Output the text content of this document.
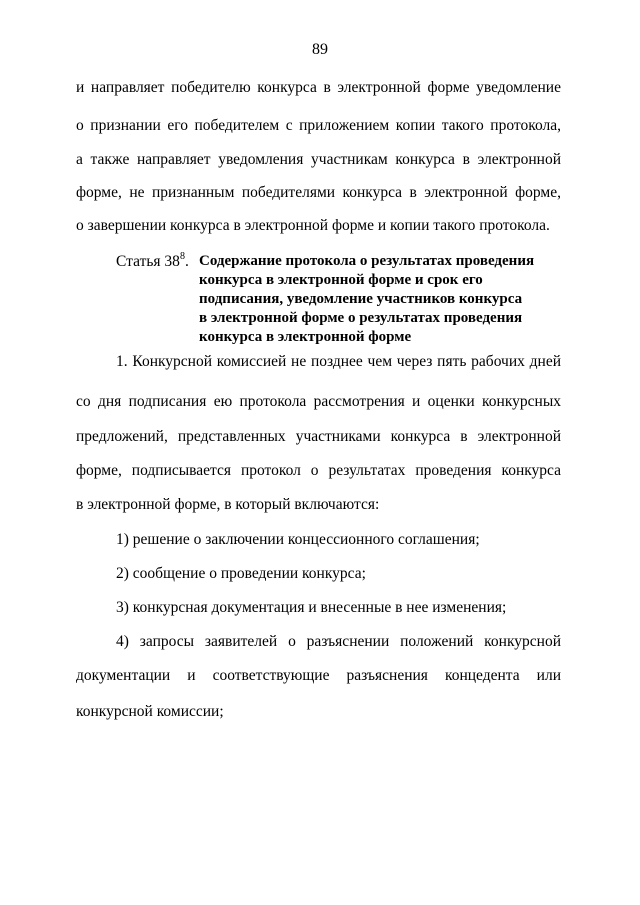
89
и направляет победителю конкурса в электронной форме уведомление
о признании его победителем с приложением копии такого протокола,
а также направляет уведомления участникам конкурса в электронной
форме, не признанным победителями конкурса в электронной форме,
о завершении конкурса в электронной форме и копии такого протокола.
Статья $38^8$. Содержание протокола о результатах проведения
конкурса в электронной форме и срок его
подписания, уведомление участников конкурса
в электронной форме о результатах проведения
конкурса в электронной форме
1. Конкурсной комиссией не позднее чем через пять рабочих дней
со дня подписания ею протокола рассмотрения и оценки конкурсных
предложений, представленных участниками конкурса в электронной
форме, подписывается протокол о результатах проведения конкурса
в электронной форме, в который включаются:
1) решение о заключении концессионного соглашения;
2) сообщение о проведении конкурса;
3) конкурсная документация и внесенные в нее изменения;
4) запросы заявителей о разъяснении положений конкурсной
документации и соответствующие разъяснения концедента или
конкурсной комиссии;
